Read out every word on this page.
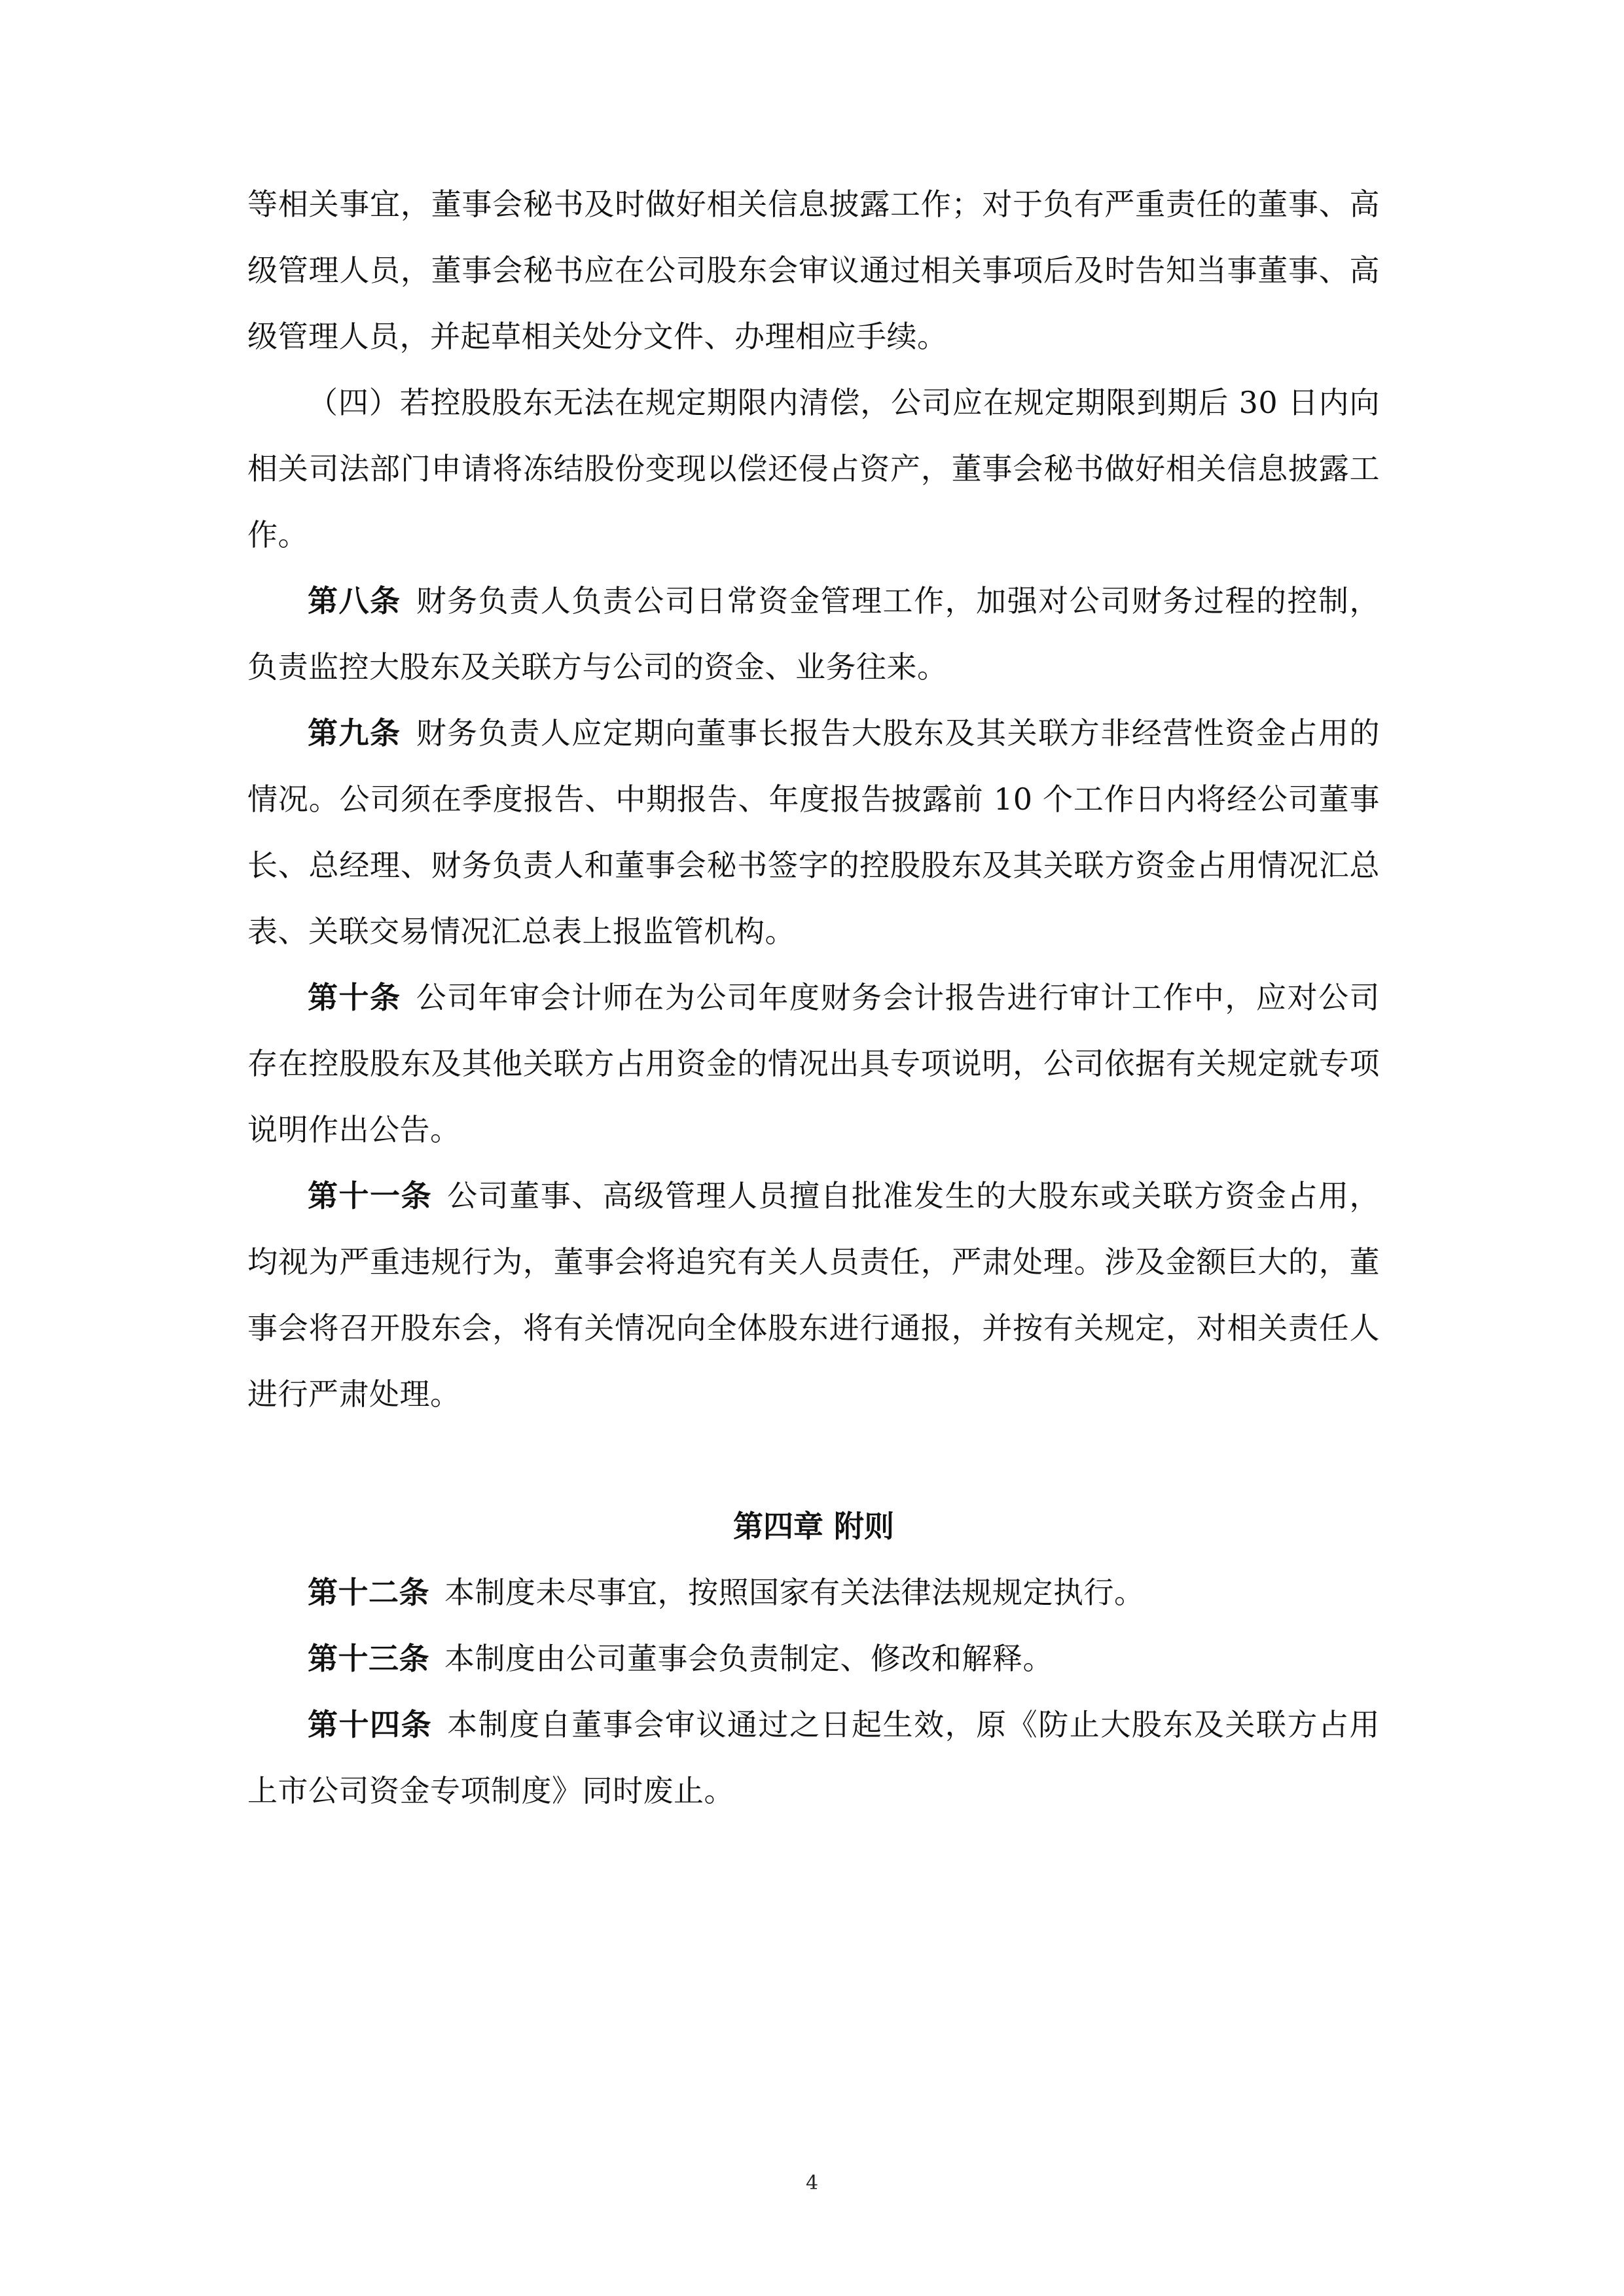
等相关事宜，董事会秘书及时做好相关信息披露工作；对于负有严重责任的董事、高级管理人员，董事会秘书应在公司股东会审议通过相关事项后及时告知当事董事、高级管理人员，并起草相关处分文件、办理相应手续。

（四）若控股股东无法在规定期限内清偿，公司应在规定期限到期后 30 日内向相关司法部门申请将冻结股份变现以偿还侵占资产，董事会秘书做好相关信息披露工作。

第八条 财务负责人负责公司日常资金管理工作，加强对公司财务过程的控制，负责监控大股东及关联方与公司的资金、业务往来。

第九条 财务负责人应定期向董事长报告大股东及其关联方非经营性资金占用的情况。公司须在季度报告、中期报告、年度报告披露前 10 个工作日内将经公司董事长、总经理、财务负责人和董事会秘书签字的控股股东及其关联方资金占用情况汇总表、关联交易情况汇总表上报监管机构。

第十条 公司年审会计师在为公司年度财务会计报告进行审计工作中，应对公司存在控股股东及其他关联方占用资金的情况出具专项说明，公司依据有关规定就专项说明作出公告。

第十一条 公司董事、高级管理人员擅自批准发生的大股东或关联方资金占用，均视为严重违规行为，董事会将追究有关人员责任，严肃处理。涉及金额巨大的，董事会将召开股东会，将有关情况向全体股东进行通报，并按有关规定，对相关责任人进行严肃处理。

第四章 附则

第十二条 本制度未尽事宜，按照国家有关法律法规规定执行。

第十三条 本制度由公司董事会负责制定、修改和解释。

第十四条 本制度自董事会审议通过之日起生效，原《防止大股东及关联方占用上市公司资金专项制度》同时废止。

4
